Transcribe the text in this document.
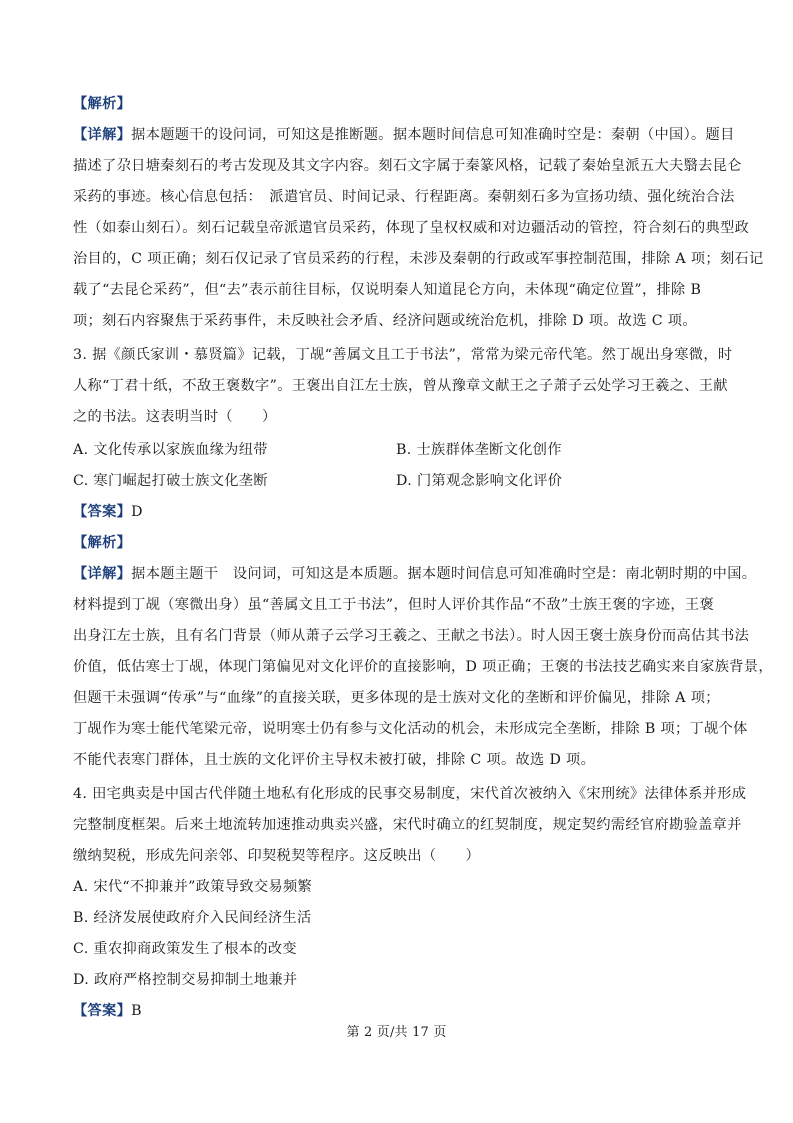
【解析】
【详解】据本题题干的设问词，可知这是推断题。据本题时间信息可知准确时空是：秦朝（中国）。题目
描述了尕日塘秦刻石的考古发现及其文字内容。刻石文字属于秦篆风格，记载了秦始皇派五大夫翳去昆仑
采药的事迹。核心信息包括：　派遣官员、时间记录、行程距离。秦朝刻石多为宣扬功绩、强化统治合法
性（如泰山刻石）。刻石记载皇帝派遣官员采药，体现了皇权权威和对边疆活动的管控，符合刻石的典型政
治目的，C 项正确；刻石仅记录了官员采药的行程，未涉及秦朝的行政或军事控制范围，排除 A 项；刻石记
载了“去昆仑采药”，但“去”表示前往目标，仅说明秦人知道昆仑方向，未体现“确定位置”，排除 B
项；刻石内容聚焦于采药事件，未反映社会矛盾、经济问题或统治危机，排除 D 项。故选 C 项。
3. 据《颜氏家训・慕贤篇》记载，丁觇“善属文且工于书法”，常常为梁元帝代笔。然丁觇出身寒微，时
人称“丁君十纸，不敌王褒数字”。王褒出自江左士族，曾从豫章文献王之子萧子云处学习王羲之、王献
之的书法。这表明当时（　　）
A. 文化传承以家族血缘为纽带	B. 士族群体垄断文化创作
C. 寒门崛起打破士族文化垄断	D. 门第观念影响文化评价
【答案】D
【解析】
【详解】据本题主题干　设问词，可知这是本质题。据本题时间信息可知准确时空是：南北朝时期的中国。
材料提到丁觇（寒微出身）虽“善属文且工于书法”，但时人评价其作品“不敌”士族王褒的字迹，王褒
出身江左士族，且有名门背景（师从萧子云学习王羲之、王献之书法）。时人因王褒士族身份而高估其书法
价值，低估寒士丁觇，体现门第偏见对文化评价的直接影响，D 项正确；王褒的书法技艺确实来自家族背景，
但题干未强调“传承”与“血缘”的直接关联，更多体现的是士族对文化的垄断和评价偏见，排除 A 项；
丁觇作为寒士能代笔梁元帝，说明寒士仍有参与文化活动的机会，未形成完全垄断，排除 B 项；丁觇个体
不能代表寒门群体，且士族的文化评价主导权未被打破，排除 C 项。故选 D 项。
4. 田宅典卖是中国古代伴随土地私有化形成的民事交易制度，宋代首次被纳入《宋刑统》法律体系并形成
完整制度框架。后来土地流转加速推动典卖兴盛，宋代时确立的红契制度，规定契约需经官府勘验盖章并
缴纳契税，形成先问亲邻、印契税契等程序。这反映出（　　）
A. 宋代“不抑兼并”政策导致交易频繁
B. 经济发展使政府介入民间经济生活
C. 重农抑商政策发生了根本的改变
D. 政府严格控制交易抑制土地兼并
【答案】B
第 2 页/共 17 页
